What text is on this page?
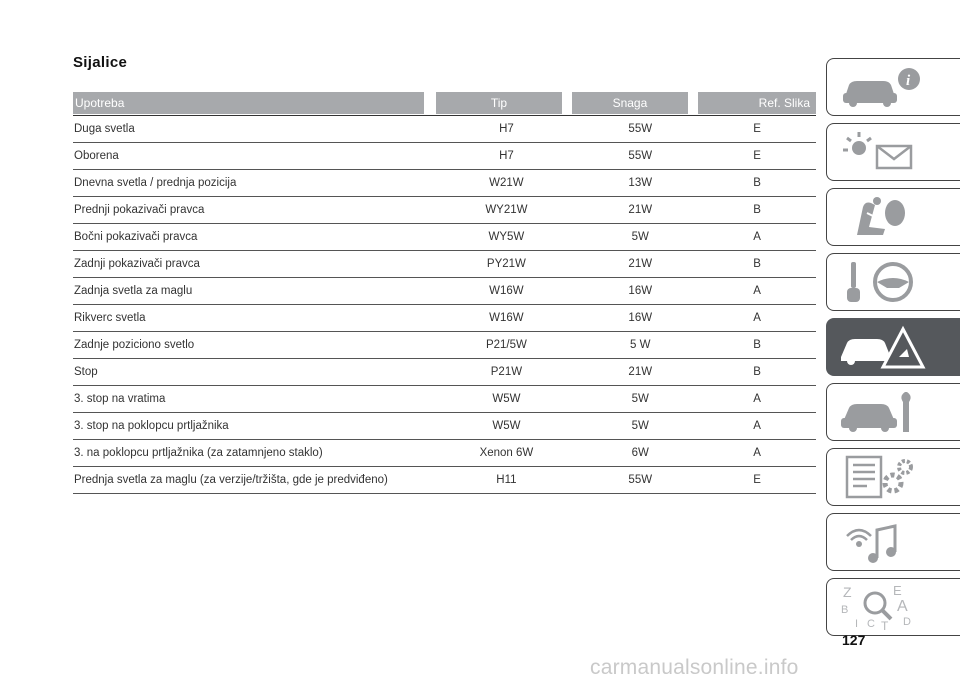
Sijalice
Upotreba	Tip	Snaga	Ref. Slika
Duga svetla	H7	55W	E
Oborena	H7	55W	E
Dnevna svetla / prednja pozicija	W21W	13W	B
Prednji pokazivači pravca	WY21W	21W	B
Bočni pokazivači pravca	WY5W	5W	A
Zadnji pokazivači pravca	PY21W	21W	B
Zadnja svetla za maglu	W16W	16W	A
Rikverc svetla	W16W	16W	A
Zadnje poziciono svetlo	P21/5W	5 W	B
Stop	P21W	21W	B
3. stop na vratima	W5W	5W	A
3. stop na poklopcu prtljažnika	W5W	5W	A
3. na poklopcu prtljažnika (za zatamnjeno staklo)	Xenon 6W	6W	A
Prednja svetla za maglu (za verzije/tržišta, gde je predviđeno)	H11	55W	E
i
Z	E
A
B
C	D
I T
127
carmanualsonline.info
